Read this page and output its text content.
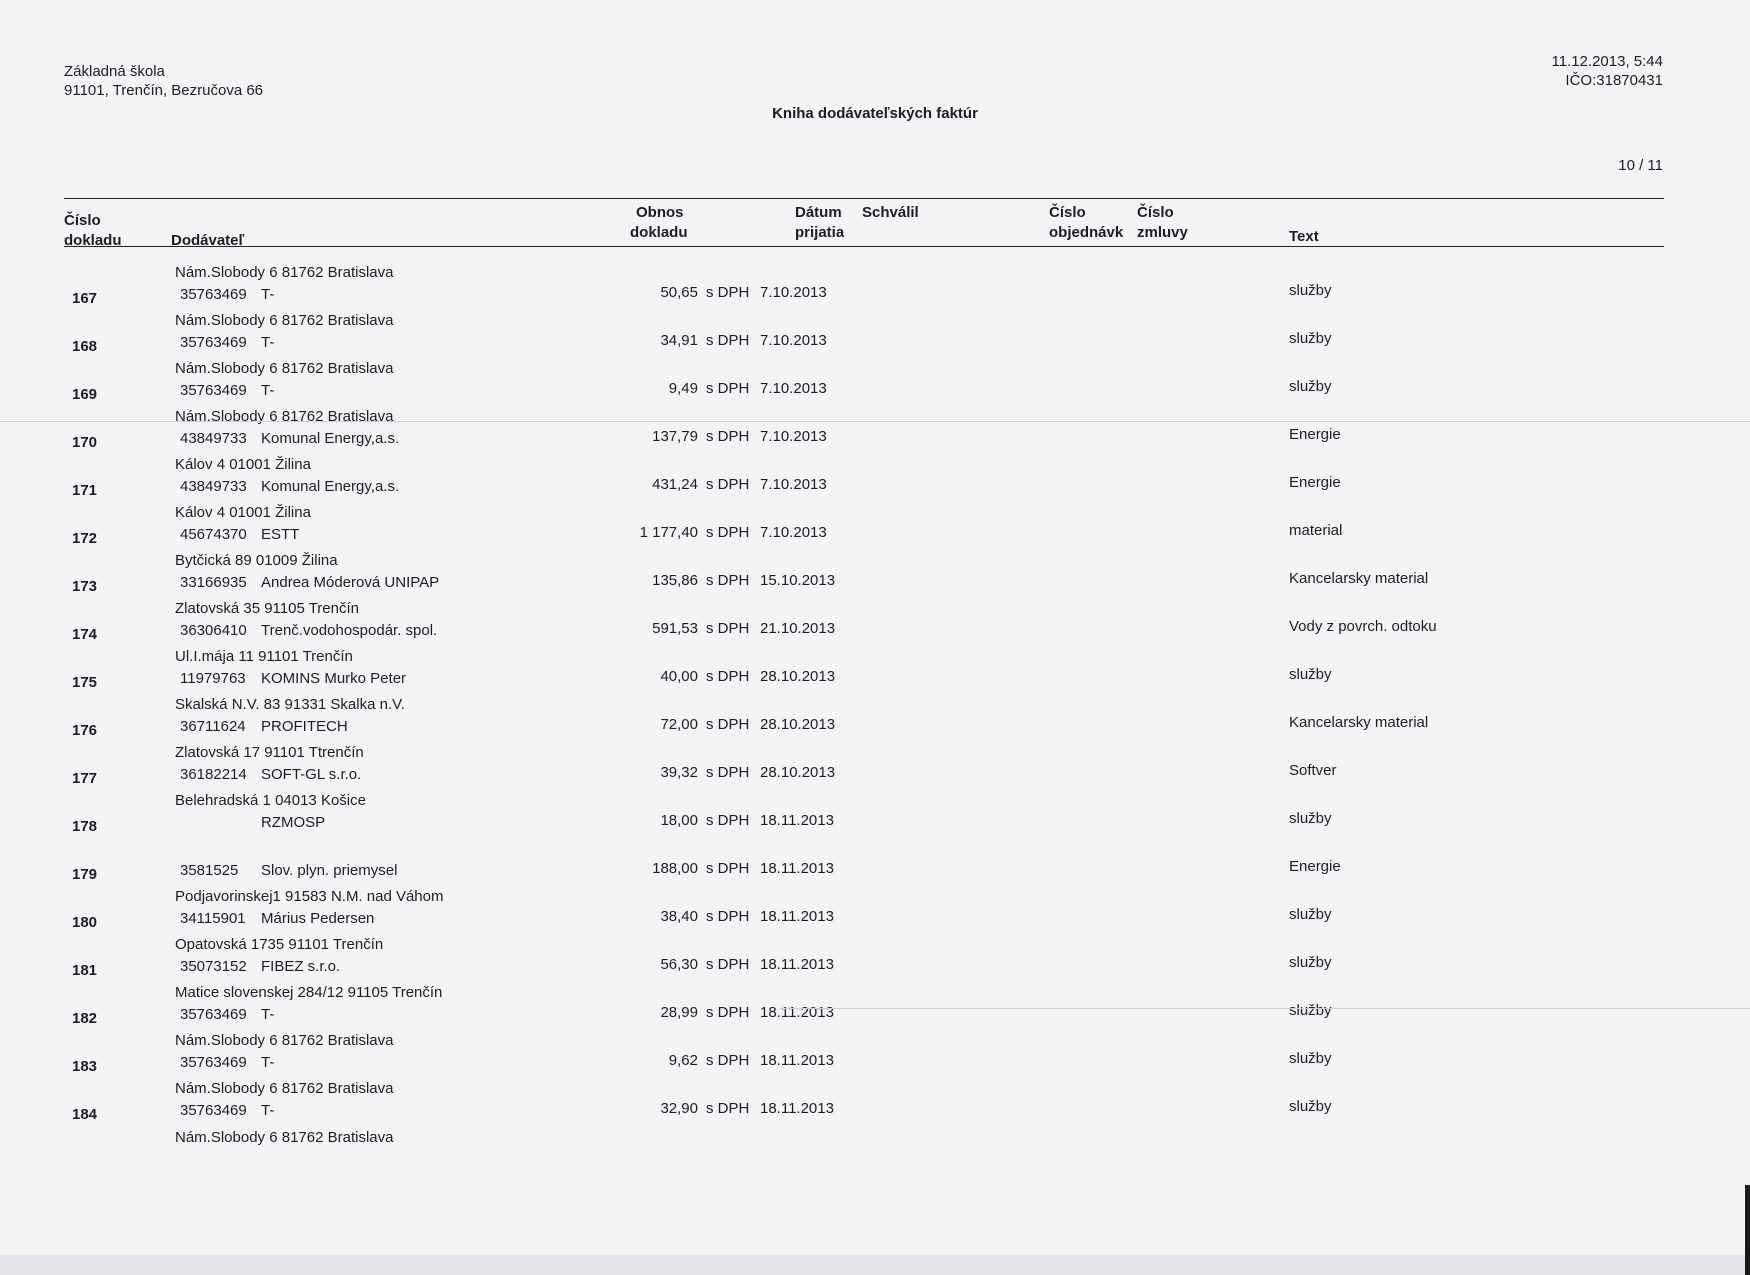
Základná škola
91101, Trenčín, Bezručova 66
11.12.2013, 5:44
IČO:31870431
Kniha dodávateľských faktúr
10 / 11
Číslo
dokladu	Dodávateľ
Obnos
dokladu
Dátum
prijatia
Schválil	Číslo
objednávk
Číslo
zmluvy	Text
Nám.Slobody 6 81762 Bratislava
167	35763469 T-	50,65 s DPH 7.10.2013	služby
Nám.Slobody 6 81762 Bratislava
168	35763469 T-	34,91 s DPH 7.10.2013	služby
Nám.Slobody 6 81762 Bratislava
169	35763469 T-	9,49 s DPH 7.10.2013	služby
Nám.Slobody 6 81762 Bratislava
170	43849733 Komunal Energy,a.s.	137,79 s DPH 7.10.2013	Energie
Kálov 4 01001 Žilina
171	43849733 Komunal Energy,a.s.	431,24 s DPH 7.10.2013	Energie
Kálov 4 01001 Žilina
172	45674370 ESTT	1 177,40 s DPH 7.10.2013	material
Bytčická 89 01009 Žilina
173	33166935 Andrea Móderová UNIPAP	135,86 s DPH 15.10.2013	Kancelarsky material
Zlatovská 35 91105 Trenčín
174	36306410 Trenč.vodohospodár. spol.	591,53 s DPH 21.10.2013	Vody z povrch. odtoku
Ul.I.mája 11 91101 Trenčín
175	11979763	KOMINS Murko Peter	40,00 s DPH 28.10.2013	služby
Skalská N.V. 83 91331 Skalka n.V.
176	36711624	PROFITECH	72,00 s DPH 28.10.2013	Kancelarsky material
Zlatovská 17 91101 Ttrenčín
177	36182214 SOFT-GL s.r.o.	39,32 s DPH 28.10.2013	Softver
Belehradská 1 04013 Košice
178	RZMOSP	18,00 s DPH 18.11.2013	služby
179	3581525	Slov. plyn. priemysel	188,00 s DPH 18.11.2013	Energie
Podjavorinskej1 91583 N.M. nad Váhom
180	34115901	Márius Pedersen	38,40 s DPH 18.11.2013	služby
Opatovská 1735 91101 Trenčín
181	35073152 FIBEZ s.r.o.	56,30 s DPH 18.11.2013	služby
Matice slovenskej 284/12 91105 Trenčín
182	35763469 T-	28,99 s DPH 18.11.2013	služby
Nám.Slobody 6 81762 Bratislava
183	35763469 T-	9,62 s DPH 18.11.2013	služby
Nám.Slobody 6 81762 Bratislava
184	35763469 T-	32,90 s DPH 18.11.2013	služby
Nám.Slobody 6 81762 Bratislava
